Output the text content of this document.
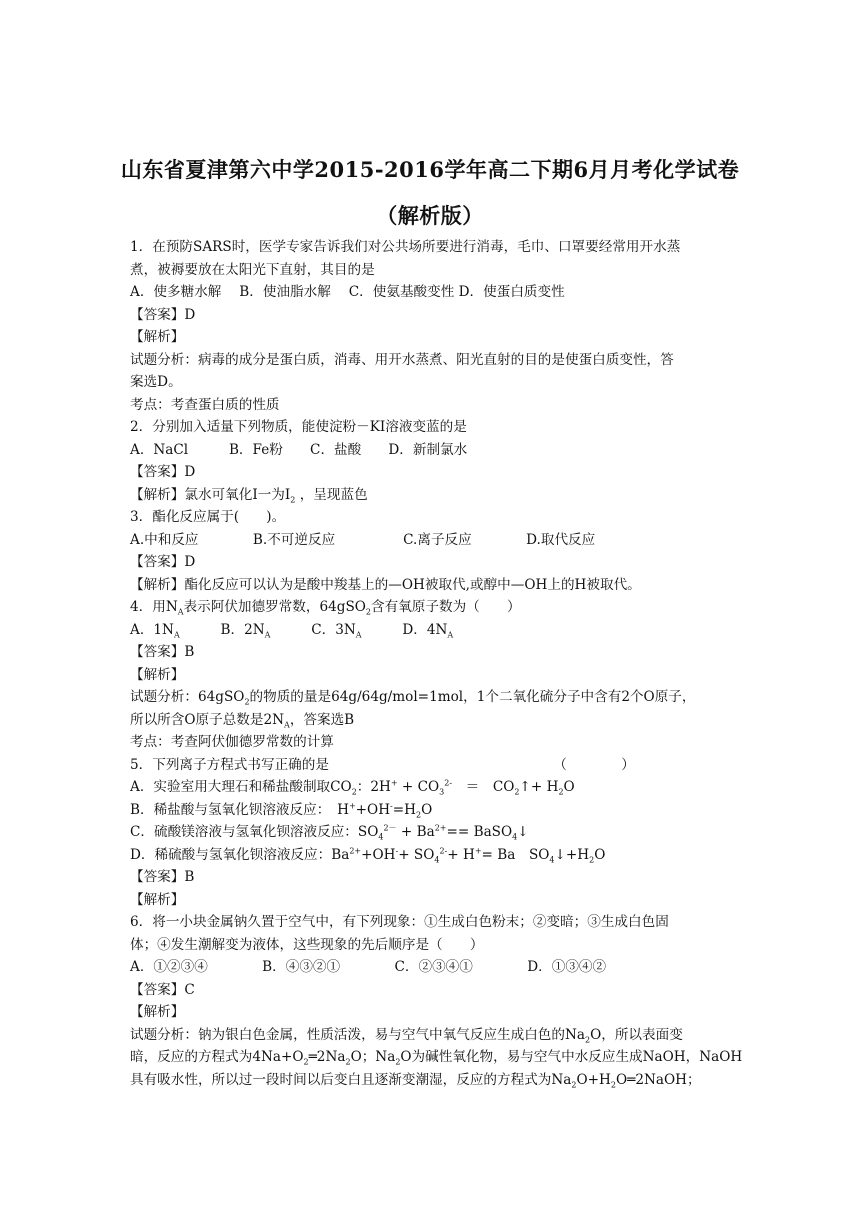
山东省夏津第六中学2015-2016学年高二下期6月月考化学试卷
（解析版）
1．在预防SARS时，医学专家告诉我们对公共场所要进行消毒，毛巾、口罩要经常用开水蒸
煮，被褥要放在太阳光下直射，其目的是
A．使多糖水解　 B．使油脂水解　 C．使氨基酸变性 D．使蛋白质变性
【答案】D
【解析】
试题分析：病毒的成分是蛋白质，消毒、用开水蒸煮、阳光直射的目的是使蛋白质变性，答
案选D。
考点：考查蛋白质的性质
2．分别加入适量下列物质，能使淀粉－KI溶液变蓝的是
A．NaCl　　　B．Fe粉　　C．盐酸　　D．新制氯水
【答案】D
【解析】氯水可氧化I一为$I_2$ ，呈现蓝色
3．酯化反应属于(　　)。
A.中和反应　　　　B.不可逆反应　　　　　C.离子反应　　　　D.取代反应
【答案】D
【解析】酯化反应可以认为是酸中羧基上的—OH被取代,或醇中—OH上的H被取代。
4．用$N_A$表示阿伏加德罗常数，64gSO$_2$含有氧原子数为（　　）
A．$1N_A$　　　B．$2N_A$　　　C．$3N_A$　　　D．$4N_A$
【答案】B
【解析】
试题分析：64gSO$_2$的物质的量是64g/64g/mol=1mol，1个二氧化硫分子中含有2个O原子，
所以所含O原子总数是$2N_A$，答案选B
考点：考查阿伏伽德罗常数的计算
5．下列离子方程式书写正确的是　　　　　　　　　　　　　　　　　（　　　　）
A．实验室用大理石和稀盐酸制取$CO_2$：$2H^+ + CO_3^{2-}$　＝　$CO_2↑+ H_2O$
B．稀盐酸与氢氧化钡溶液反应：　$H^++OH^-=H_2O$
C．硫酸镁溶液与氢氧化钡溶液反应：$SO_4^{2-} + Ba^{2+}==$ BaSO$_4$↓
D．稀硫酸与氢氧化钡溶液反应：$Ba^{2+}+OH^-+ SO_4^{2-}+ H^+= Ba$　$SO_4↓+H_2O$
【答案】B
【解析】
6．将一小块金属钠久置于空气中，有下列现象：①生成白色粉末；②变暗；③生成白色固
体；④发生潮解变为液体，这些现象的先后顺序是（　　）
A．①②③④　　　　B．④③②①　　　　C．②③④①　　　　D．①③④②
【答案】C
【解析】
试题分析：钠为银白色金属，性质活泼，易与空气中氧气反应生成白色的$Na_2O$，所以表面变
暗，反应的方程式为$4Na+O_2═2Na_2O$；$Na_2O$为碱性氧化物，易与空气中水反应生成NaOH，NaOH
具有吸水性，所以过一段时间以后变白且逐渐变潮湿，反应的方程式为$Na_2O+H_2O═2NaOH$；
